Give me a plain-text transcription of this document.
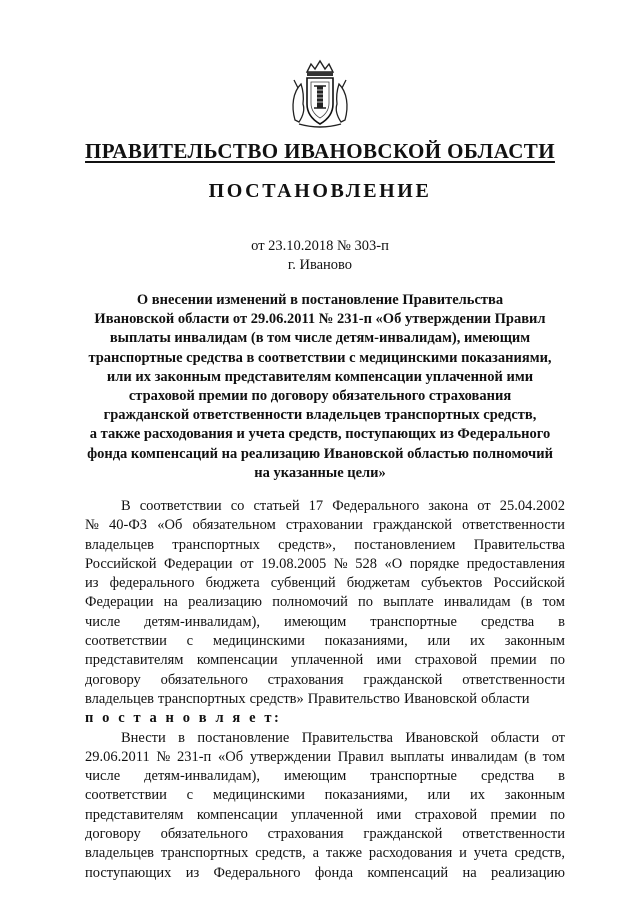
ПРАВИТЕЛЬСТВО ИВАНОВСКОЙ ОБЛАСТИ
ПОСТАНОВЛЕНИЕ
от 23.10.2018 № 303-п
г. Иваново
О внесении изменений в постановление Правительства
Ивановской области от 29.06.2011 № 231-п «Об утверждении Правил
выплаты инвалидам (в том числе детям-инвалидам), имеющим
транспортные средства в соответствии с медицинскими показаниями,
или их законным представителям компенсации уплаченной ими
страховой премии по договору обязательного страхования
гражданской ответственности владельцев транспортных средств,
а также расходования и учета средств, поступающих из Федерального
фонда компенсаций на реализацию Ивановской областью полномочий
на указанные цели»
В соответствии со статьей 17 Федерального закона от 25.04.2002
№ 40-ФЗ «Об обязательном страховании гражданской ответственности
владельцев транспортных средств», постановлением Правительства
Российской Федерации от 19.08.2005 № 528 «О порядке предоставления
из федерального бюджета субвенций бюджетам субъектов Российской
Федерации на реализацию полномочий по выплате инвалидам (в том
числе детям-инвалидам), имеющим транспортные средства в
соответствии с медицинскими показаниями, или их законным
представителям компенсации уплаченной ими страховой премии по
договору обязательного страхования гражданской ответственности
владельцев транспортных средств» Правительство Ивановской области
п о с т а н о в л я е т:
Внести в постановление Правительства Ивановской области от
29.06.2011 № 231-п «Об утверждении Правил выплаты инвалидам (в том
числе детям-инвалидам), имеющим транспортные средства в
соответствии с медицинскими показаниями, или их законным
представителям компенсации уплаченной ими страховой премии по
договору обязательного страхования гражданской ответственности
владельцев транспортных средств, а также расходования и учета средств,
поступающих из Федерального фонда компенсаций на реализацию
